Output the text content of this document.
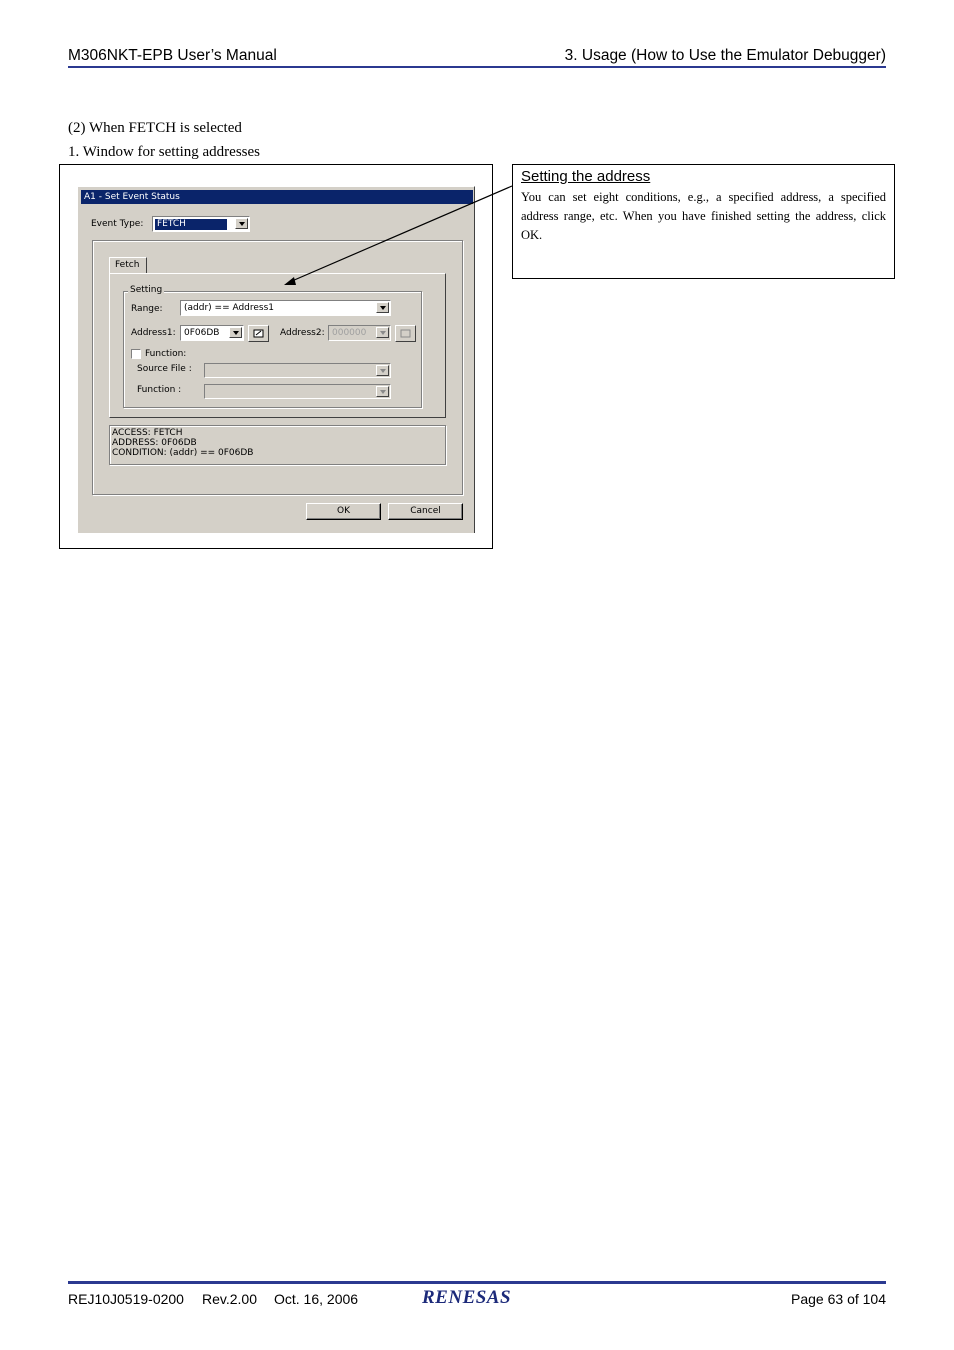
M306NKT-EPB User’s Manual	3. Usage (How to Use the Emulator Debugger)
(2) When FETCH is selected
1. Window for setting addresses
A1 - Set Event Status
Event Type: FETCH
Fetch
Setting
Range: (addr) == Address1
Address1: 0F06DB	Address2: 000000
Function:
Source File :
Function :
ACCESS: FETCH
ADDRESS: 0F06DB
CONDITION: (addr) == 0F06DB
OK	Cancel
Setting the address
You can set eight conditions, e.g., a specified address, a specified address range, etc. When you have finished setting the address, click OK.
REJ10J0519-0200 Rev.2.00 Oct. 16, 2006	RENESAS	Page 63 of 104
